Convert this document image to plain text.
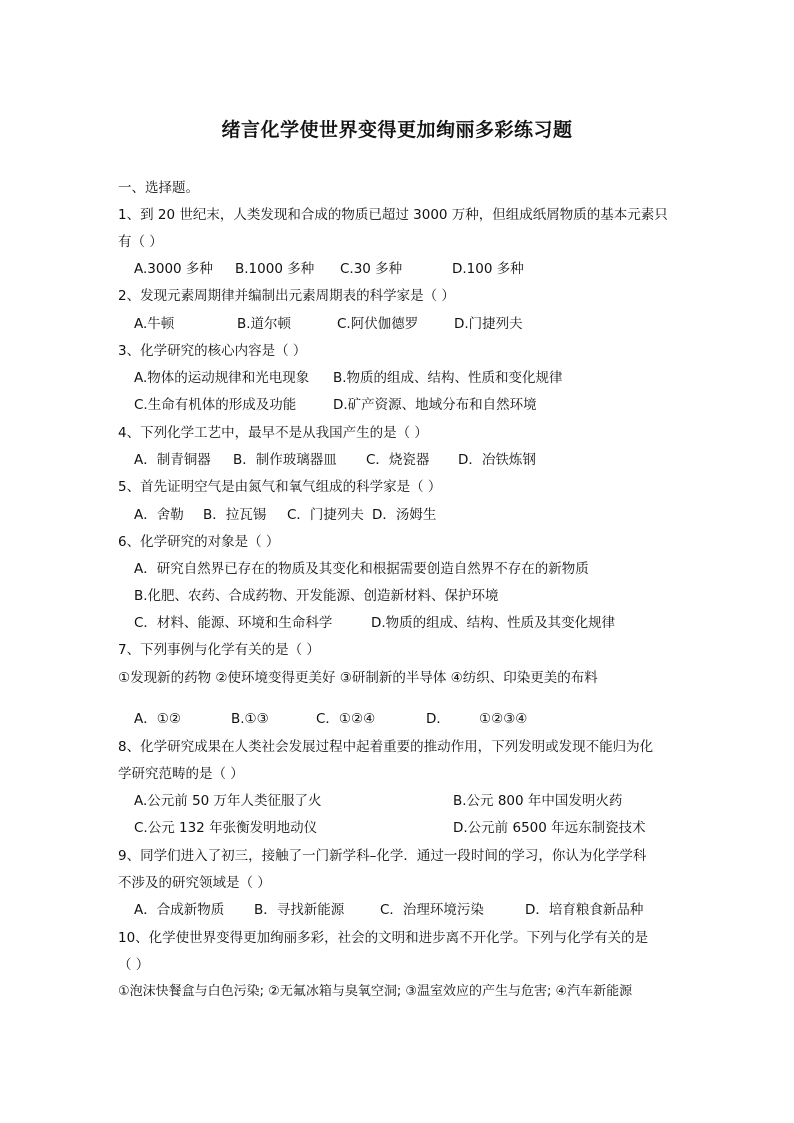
绪言化学使世界变得更加绚丽多彩练习题
一、选择题。
1、到 20 世纪末，人类发现和合成的物质已超过 3000 万种，但组成纸屑物质的基本元素只
有（ ）
A.3000 多种 B.1000 多种 C.30 多种	D.100 多种
2、发现元素周期律并编制出元素周期表的科学家是（ ）
A.牛顿	B.道尔顿	C.阿伏伽德罗	D.门捷列夫
3、化学研究的核心内容是（ ）
A.物体的运动规律和光电现象 B.物质的组成、结构、性质和变化规律
C.生命有机体的形成及功能	D.矿产资源、地域分布和自然环境
4、下列化学工艺中，最早不是从我国产生的是（ ）
A．制青铜器 B．制作玻璃器皿 C．烧瓷器 D．冶铁炼钢
5、首先证明空气是由氮气和氧气组成的科学家是（ ）
A．舍勒 B．拉瓦锡 C．门捷列夫 D．汤姆生
6、化学研究的对象是（ ）
A．研究自然界已存在的物质及其变化和根据需要创造自然界不存在的新物质
B.化肥、农药、合成药物、开发能源、创造新材料、保护环境
C．材料、能源、环境和生命科学	D.物质的组成、结构、性质及其变化规律
7、下列事例与化学有关的是（ ）
①发现新的药物 ②使环境变得更美好 ③研制新的半导体 ④纺织、印染更美的布料
A．①②	B.①③	C．①②④	D． ①②③④
8、化学研究成果在人类社会发展过程中起着重要的推动作用，下列发明或发现不能归为化
学研究范畴的是（ ）
A.公元前 50 万年人类征服了火	B.公元 800 年中国发明火药
C.公元 132 年张衡发明地动仪	D.公元前 6500 年远东制瓷技术
9、同学们进入了初三，接触了一门新学科–化学．通过一段时间的学习，你认为化学学科
不涉及的研究领域是（ ）
A．合成新物质 B．寻找新能源	C．治理环境污染	D．培育粮食新品种
10、化学使世界变得更加绚丽多彩，社会的文明和进步离不开化学。下列与化学有关的是
（ ）
①泡沫快餐盒与白色污染; ②无氟冰箱与臭氧空洞; ③温室效应的产生与危害; ④汽车新能源
